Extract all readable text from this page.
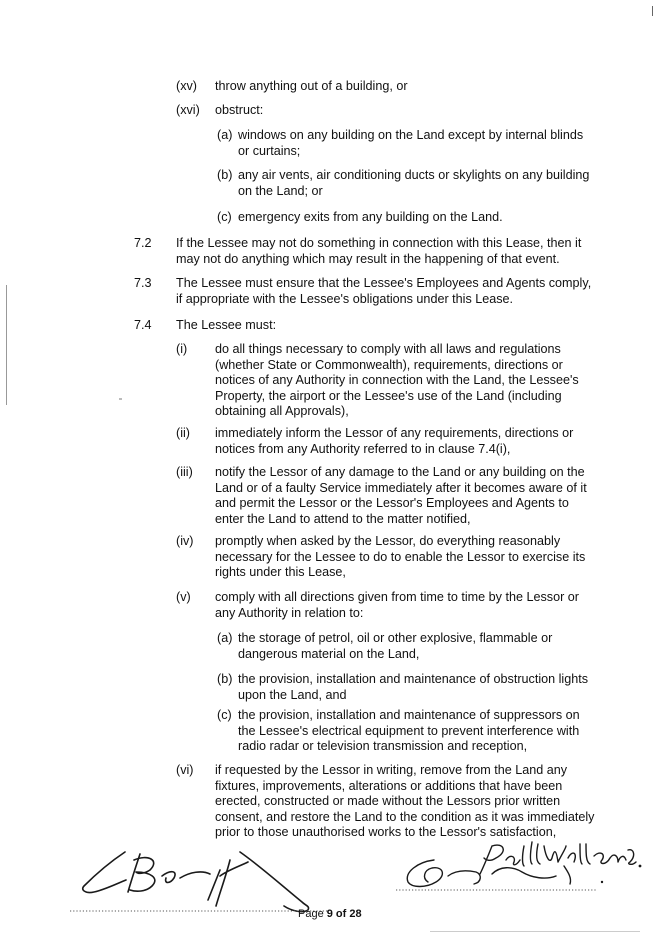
(xv) throw anything out of a building, or
(xvi) obstruct:
(a) windows on any building on the Land except by internal blinds
or curtains;
(b) any air vents, air conditioning ducts or skylights on any building
on the Land; or
(c) emergency exits from any building on the Land.
7.2 If the Lessee may not do something in connection with this Lease, then it
may not do anything which may result in the happening of that event.
7.3 The Lessee must ensure that the Lessee's Employees and Agents comply,
if appropriate with the Lessee's obligations under this Lease.
7.4 The Lessee must:
(i) do all things necessary to comply with all laws and regulations
(whether State or Commonwealth), requirements, directions or
notices of any Authority in connection with the Land, the Lessee's
Property, the airport or the Lessee's use of the Land (including
obtaining all Approvals),
(ii) immediately inform the Lessor of any requirements, directions or
notices from any Authority referred to in clause 7.4(i),
(iii) notify the Lessor of any damage to the Land or any building on the
Land or of a faulty Service immediately after it becomes aware of it
and permit the Lessor or the Lessor's Employees and Agents to
enter the Land to attend to the matter notified,
(iv) promptly when asked by the Lessor, do everything reasonably
necessary for the Lessee to do to enable the Lessor to exercise its
rights under this Lease,
(v) comply with all directions given from time to time by the Lessor or
any Authority in relation to:
(a) the storage of petrol, oil or other explosive, flammable or
dangerous material on the Land,
(b) the provision, installation and maintenance of obstruction lights
upon the Land, and
(c) the provision, installation and maintenance of suppressors on
the Lessee's electrical equipment to prevent interference with
radio radar or television transmission and reception,
(vi) if requested by the Lessor in writing, remove from the Land any
fixtures, improvements, alterations or additions that have been
erected, constructed or made without the Lessors prior written
consent, and restore the Land to the condition as it was immediately
prior to those unauthorised works to the Lessor's satisfaction,
Page 9 of 28
